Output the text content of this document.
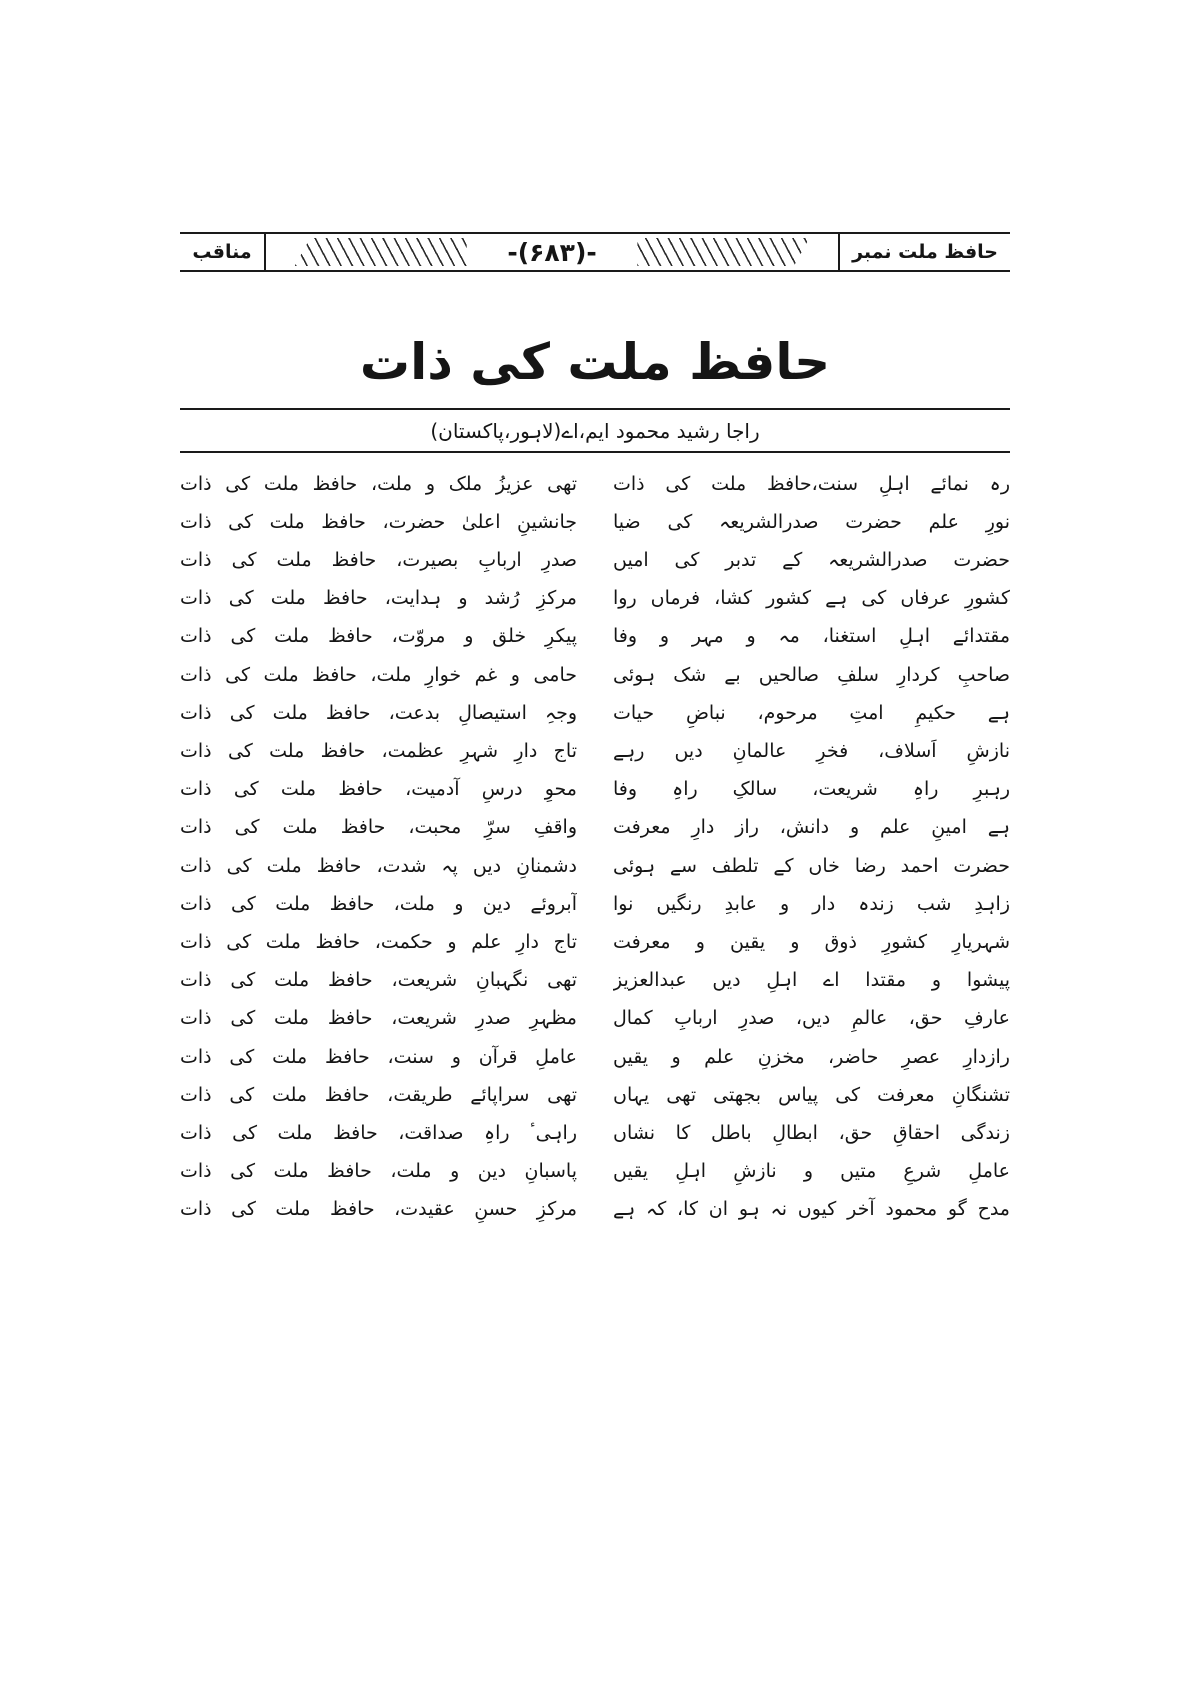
حافظ ملت نمبر
-(۶۸۳)-
مناقب
حافظ ملت کی ذات
راجا رشید محمود ایم،اے(لاہور،پاکستان)
رہ نمائے اہلِ سنت،حافظ ملت کی ذات
تھی عزیزُ ملک و ملت، حافظ ملت کی ذات
نورِ علم حضرت صدرالشریعہ کی ضیا
جانشینِ اعلیٰ حضرت، حافظ ملت کی ذات
حضرت صدرالشریعہ کے تدبر کی امیں
صدرِ اربابِ بصیرت، حافظ ملت کی ذات
کشورِ عرفاں کی ہے کشور کشا، فرماں روا
مرکزِ رُشد و ہدایت، حافظ ملت کی ذات
مقتدائے اہلِ استغنا، مہ و مہر و وفا
پیکرِ خلق و مروّت، حافظ ملت کی ذات
صاحبِ کردارِ سلفِ صالحیں بے شک ہوئی
حامی و غم خوارِ ملت، حافظ ملت کی ذات
ہے حکیمِ امتِ مرحوم، نباضِ حیات
وجہِ استیصالِ بدعت، حافظ ملت کی ذات
نازشِ اَسلاف، فخرِ عالمانِ دیں رہے
تاج دارِ شہرِ عظمت، حافظ ملت کی ذات
رہبرِ راہِ شریعت، سالکِ راہِ وفا
محوِ درسِ آدمیت، حافظ ملت کی ذات
ہے امینِ علم و دانش، راز دارِ معرفت
واقفِ سرِّ محبت، حافظ ملت کی ذات
حضرت احمد رضا خاں کے تلطف سے ہوئی
دشمنانِ دیں پہ شدت، حافظ ملت کی ذات
زاہدِ شب زندہ دار و عابدِ رنگیں نوا
آبروئے دین و ملت، حافظ ملت کی ذات
شہریارِ کشورِ ذوق و یقین و معرفت
تاج دارِ علم و حکمت، حافظ ملت کی ذات
پیشوا و مقتدا اے اہلِ دیں عبدالعزیز
تھی نگہبانِ شریعت، حافظ ملت کی ذات
عارفِ حق، عالمِ دیں، صدرِ اربابِ کمال
مظہرِ صدرِ شریعت، حافظ ملت کی ذات
رازدارِ عصرِ حاضر، مخزنِ علم و یقیں
عاملِ قرآن و سنت، حافظ ملت کی ذات
تشنگانِ معرفت کی پیاس بجھتی تھی یہاں
تھی سراپائے طریقت، حافظ ملت کی ذات
زندگی احقاقِ حق، ابطالِ باطل کا نشاں
راہیٴ راہِ صداقت، حافظ ملت کی ذات
عاملِ شرعِ متیں و نازشِ اہلِ یقیں
پاسبانِ دین و ملت، حافظ ملت کی ذات
مدح گو محمود آخر کیوں نہ ہو ان کا، کہ ہے
مرکزِ حسنِ عقیدت، حافظ ملت کی ذات
